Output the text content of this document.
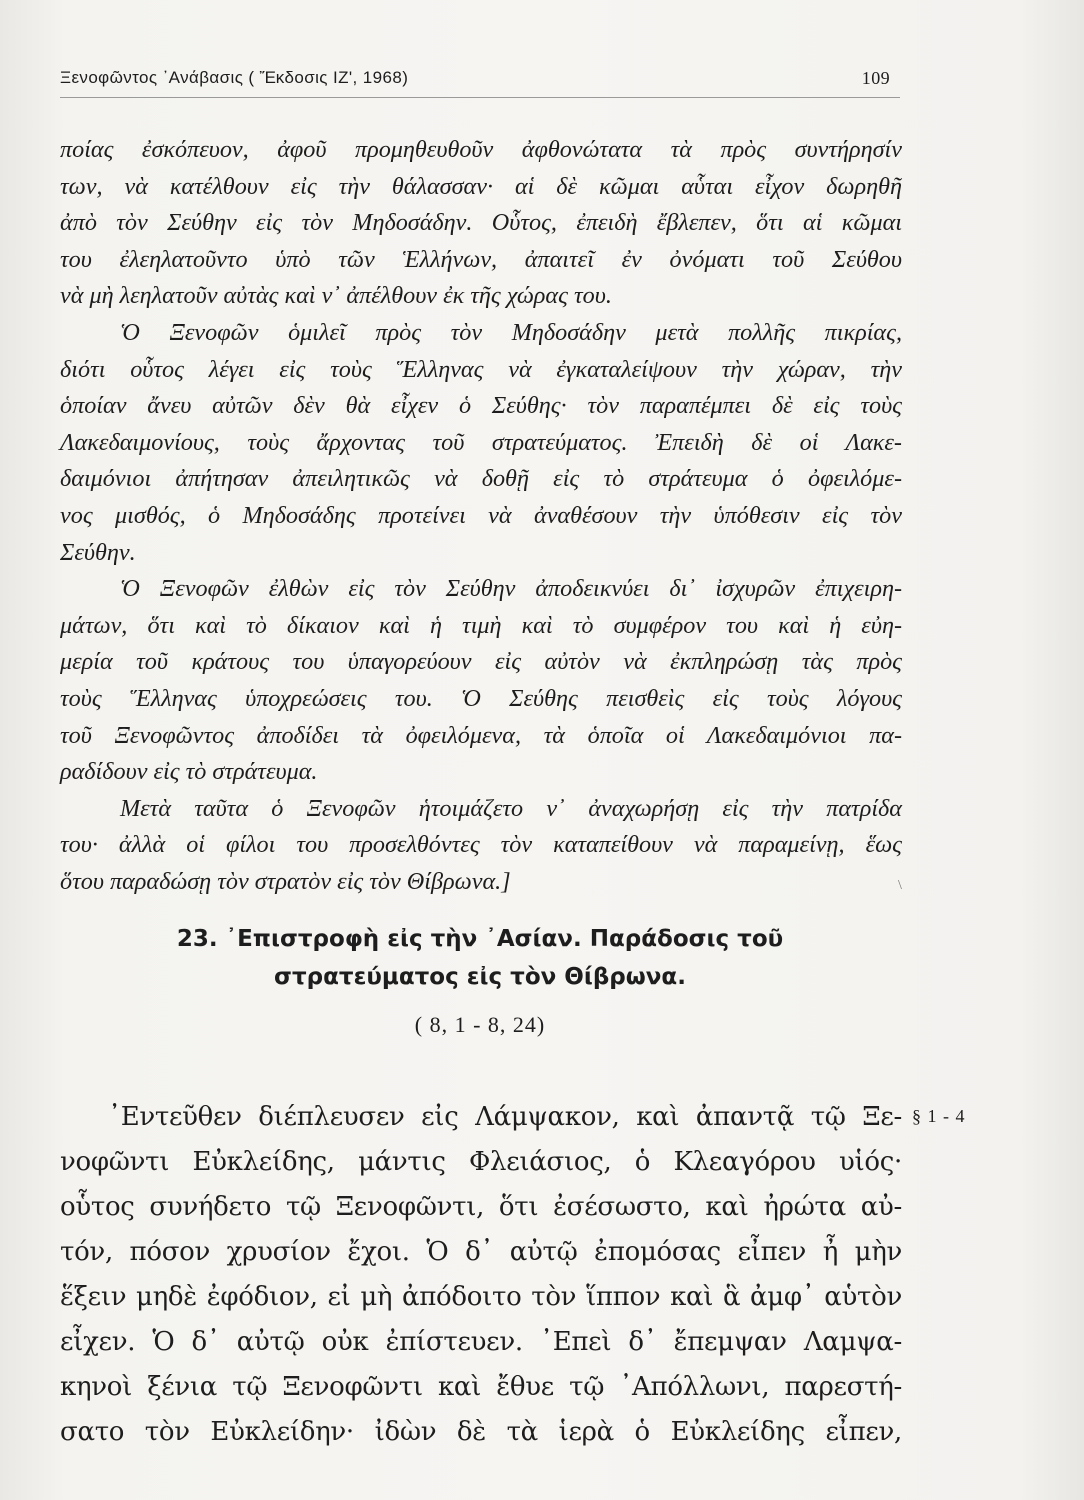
Ξενοφῶντος ᾿Ανάβασις ( Ἔκδοσις ΙΖ', 1968)	109

ποίας ἐσκόπευον, ἀφοῦ προμηθευθοῦν ἀφθονώτατα τὰ πρὸς συντήρησίν

των, νὰ κατέλθουν εἰς τὴν θάλασσαν· αἱ δὲ κῶμαι αὗται εἶχον δωρηθῆ

ἀπὸ τὸν Σεύθην εἰς τὸν Μηδοσάδην. Οὗτος, ἐπειδὴ ἔβλεπεν, ὅτι αἱ κῶμαι

του ἐλεηλατοῦντο ὑπὸ τῶν Ἑλλήνων, ἀπαιτεῖ ἐν ὀνόματι τοῦ Σεύθου

νὰ μὴ λεηλατοῦν αὐτὰς καὶ ν᾿ ἀπέλθουν ἐκ τῆς χώρας του.

Ὁ Ξενοφῶν ὁμιλεῖ πρὸς τὸν Μηδοσάδην μετὰ πολλῆς πικρίας,

διότι οὗτος λέγει εἰς τοὺς Ἕλληνας νὰ ἐγκαταλείψουν τὴν χώραν, τὴν

ὁποίαν ἄνευ αὐτῶν δὲν θὰ εἶχεν ὁ Σεύθης· τὸν παραπέμπει δὲ εἰς τοὺς

Λακεδαιμονίους, τοὺς ἄρχοντας τοῦ στρατεύματος. Ἐπειδὴ δὲ οἱ Λακε-

δαιμόνιοι ἀπήτησαν ἀπειλητικῶς νὰ δοθῇ εἰς τὸ στράτευμα ὁ ὀφειλόμε-

νος μισθός, ὁ Μηδοσάδης προτείνει νὰ ἀναθέσουν τὴν ὑπόθεσιν εἰς τὸν

Σεύθην.

Ὁ Ξενοφῶν ἐλθὼν εἰς τὸν Σεύθην ἀποδεικνύει δι᾿ ἰσχυρῶν ἐπιχειρη-

μάτων, ὅτι καὶ τὸ δίκαιον καὶ ἡ τιμὴ καὶ τὸ συμφέρον του καὶ ἡ εὐη-

μερία τοῦ κράτους του ὑπαγορεύουν εἰς αὐτὸν νὰ ἐκπληρώσῃ τὰς πρὸς

τοὺς Ἕλληνας ὑποχρεώσεις του. Ὁ Σεύθης πεισθεὶς εἰς τοὺς λόγους

τοῦ Ξενοφῶντος ἀποδίδει τὰ ὀφειλόμενα, τὰ ὁποῖα οἱ Λακεδαιμόνιοι πα-

ραδίδουν εἰς τὸ στράτευμα.

Μετὰ ταῦτα ὁ Ξενοφῶν ἡτοιμάζετο ν᾿ ἀναχωρήσῃ εἰς τὴν πατρίδα

του· ἀλλὰ οἱ φίλοι του προσελθόντες τὸν καταπείθουν νὰ παραμείνῃ, ἕως

ὅτου παραδώσῃ τὸν στρατὸν εἰς τὸν Θίβρωνα.]	\
23. ᾿Επιστροφὴ εἰς τὴν ᾿Ασίαν. Παράδοσις τοῦ
στρατεύματος εἰς τὸν Θίβρωνα.
( 8, 1 - 8, 24)
§ 1 - 4
᾿Εντεῦθεν διέπλευσεν εἰς Λάμψακον, καὶ ἀπαντᾷ τῷ Ξε-
νοφῶντι Εὐκλείδης, μάντις Φλειάσιος, ὁ Κλεαγόρου υἱός·
οὗτος συνήδετο τῷ Ξενοφῶντι, ὅτι ἐσέσωστο, καὶ ἠρώτα αὐ-
τόν, πόσον χρυσίον ἔχοι. Ὁ δ᾿ αὐτῷ ἐπομόσας εἶπεν ἦ μὴν
ἕξειν μηδὲ ἐφόδιον, εἰ μὴ ἀπόδοιτο τὸν ἵππον καὶ ἃ ἀμφ᾿ αὑτὸν
εἶχεν. Ὁ δ᾿ αὐτῷ οὐκ ἐπίστευεν. ᾿Επεὶ δ᾿ ἔπεμψαν Λαμψα-
κηνοὶ ξένια τῷ Ξενοφῶντι καὶ ἔθυε τῷ ᾿Απόλλωνι, παρεστή-
σατο τὸν Εὐκλείδην· ἰδὼν δὲ τὰ ἱερὰ ὁ Εὐκλείδης εἶπεν,
